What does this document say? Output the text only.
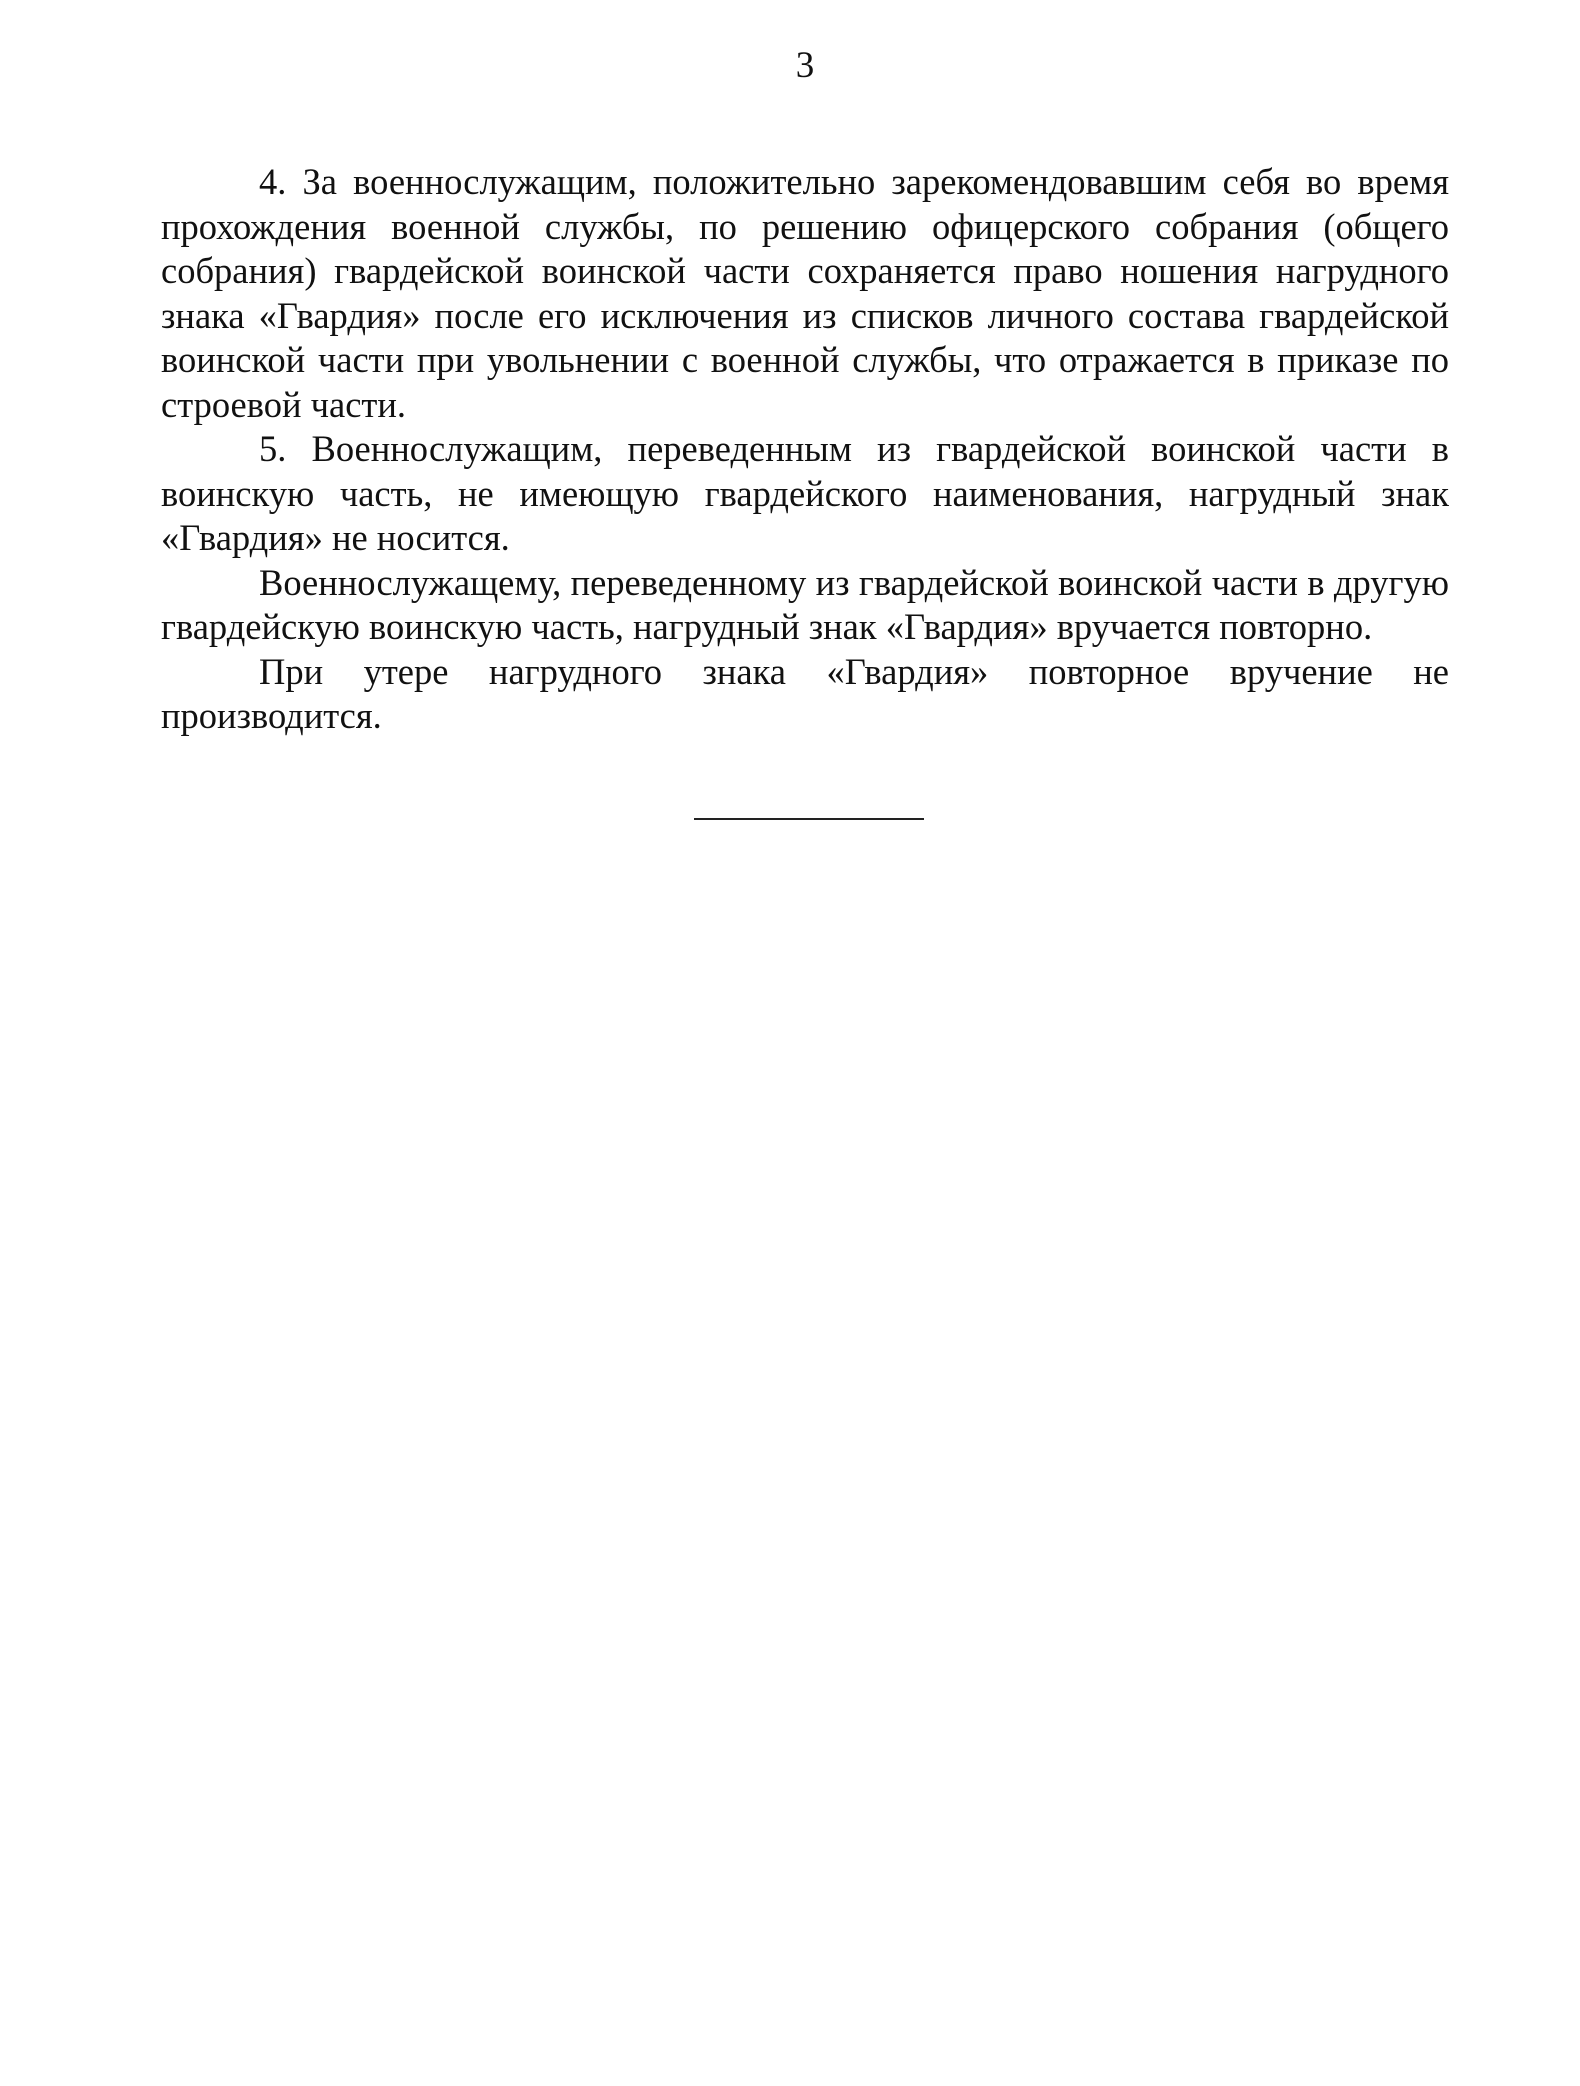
3

4. За военнослужащим, положительно зарекомендовавшим себя во время прохождения военной службы, по решению офицерского собрания (общего собрания) гвардейской воинской части сохраняется право ношения нагрудного знака «Гвардия» после его исключения из списков личного состава гвардейской воинской части при увольнении с военной службы, что отражается в приказе по строевой части.

5. Военнослужащим, переведенным из гвардейской воинской части в воинскую часть, не имеющую гвардейского наименования, нагрудный знак «Гвардия» не носится.

Военнослужащему, переведенному из гвардейской воинской части в другую гвардейскую воинскую часть, нагрудный знак «Гвардия» вручается повторно.

При утере нагрудного знака «Гвардия» повторное вручение не производится.
